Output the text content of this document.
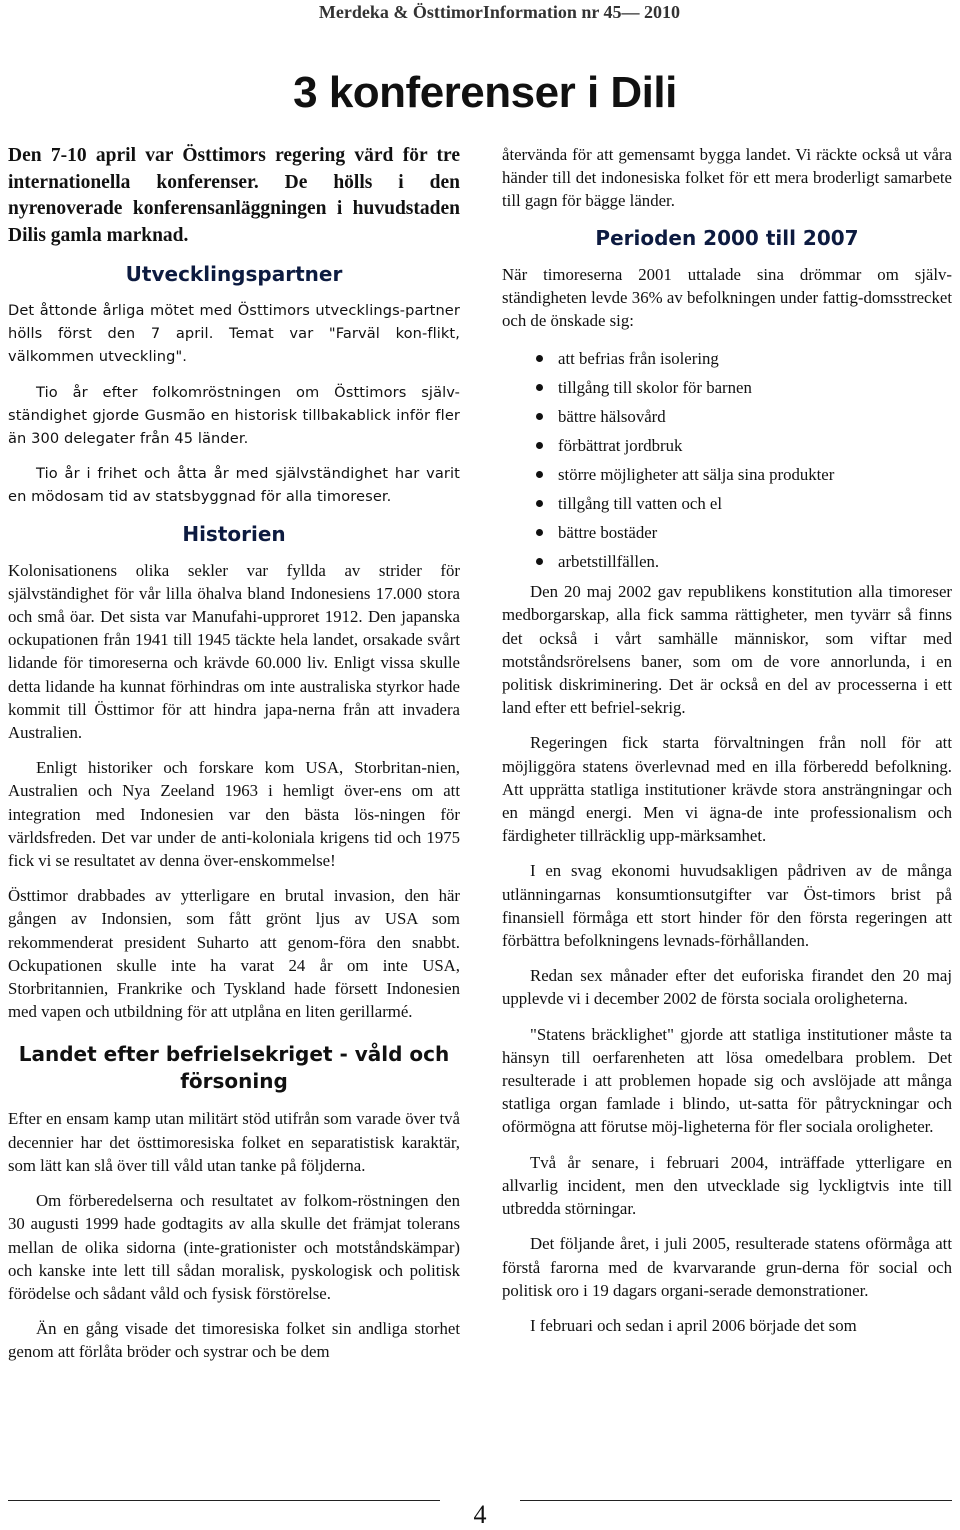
Merdeka & ÖsttimorInformation nr 45— 2010
3 konferenser i Dili

Den 7-10 april var Östtimors regering värd för tre internationella konferenser. De hölls i den nyrenoverade konferensanläggningen i huvudstaden Dilis gamla marknad.

Utvecklingspartner

Det åttonde årliga mötet med Östtimors utvecklings-partner hölls först den 7 april. Temat var "Farväl kon-flikt, välkommen utveckling".

Tio år efter folkomröstningen om Östtimors själv-ständighet gjorde Gusmão en historisk tillbakablick inför fler än 300 delegater från 45 länder.

Tio år i frihet och åtta år med självständighet har varit en mödosam tid av statsbyggnad för alla timoreser.

Historien

Kolonisationens olika sekler var fyllda av strider för självständighet för vår lilla öhalva bland Indonesiens 17.000 stora och små öar. Det sista var Manufahi-upproret 1912. Den japanska ockupationen från 1941 till 1945 täckte hela landet, orsakade svårt lidande för timoreserna och krävde 60.000 liv. Enligt vissa skulle detta lidande ha kunnat förhindras om inte australiska styrkor hade kommit till Östtimor för att hindra japa-nerna från att invadera Australien.

Enligt historiker och forskare kom USA, Storbritan-nien, Australien och Nya Zeeland 1963 i hemligt över-ens om att integration med Indonesien var den bästa lös-ningen för världsfreden. Det var under de anti-koloniala krigens tid och 1975 fick vi se resultatet av denna över-enskommelse!

Östtimor drabbades av ytterligare en brutal invasion, den här gången av Indonsien, som fått grönt ljus av USA som rekommenderat president Suharto att genom-föra den snabbt. Ockupationen skulle inte ha varat 24 år om inte USA, Storbritannien, Frankrike och Tyskland hade försett Indonesien med vapen och utbildning för att utplåna en liten gerillarmé.

Landet efter befrielsekriget - våld och försoning

Efter en ensam kamp utan militärt stöd utifrån som varade över två decennier har det östtimoresiska folket en separatistisk karaktär, som lätt kan slå över till våld utan tanke på följderna.

Om förberedelserna och resultatet av folkom-röstningen den 30 augusti 1999 hade godtagits av alla skulle det främjat tolerans mellan de olika sidorna (inte-grationister och motståndskämpar) och kanske inte lett till sådan moralisk, pyskologisk och politisk förödelse och sådant våld och fysisk förstörelse.

Än en gång visade det timoresiska folket sin andliga storhet genom att förlåta bröder och systrar och be dem

återvända för att gemensamt bygga landet. Vi räckte också ut våra händer till det indonesiska folket för ett mera broderligt samarbete till gagn för bägge länder.

Perioden 2000 till 2007

När timoreserna 2001 uttalade sina drömmar om själv-ständigheten levde 36% av befolkningen under fattig-domsstrecket och de önskade sig:

att befrias från isolering
tillgång till skolor för barnen
bättre hälsovård
förbättrat jordbruk
större möjligheter att sälja sina produkter
tillgång till vatten och el
bättre bostäder
arbetstillfällen.

Den 20 maj 2002 gav republikens konstitution alla timoreser medborgarskap, alla fick samma rättigheter, men tyvärr så finns det också i vårt samhälle människor, som viftar med motståndsrörelsens baner, som om de vore annorlunda, i en politisk diskriminering. Det är också en del av processerna i ett land efter ett befriel-sekrig.

Regeringen fick starta förvaltningen från noll för att möjliggöra statens överlevnad med en illa förberedd befolkning. Att upprätta statliga institutioner krävde stora ansträngningar och en mängd energi. Men vi ägna-de inte professionalism och färdigheter tillräcklig upp-märksamhet.

I en svag ekonomi huvudsakligen pådriven av de många utlänningarnas konsumtionsutgifter var Öst-timors brist på finansiell förmåga ett stort hinder för den första regeringen att förbättra befolkningens levnads-förhållanden.

Redan sex månader efter det euforiska firandet den 20 maj upplevde vi i december 2002 de första sociala oroligheterna.

"Statens bräcklighet" gjorde att statliga institutioner måste ta hänsyn till oerfarenheten att lösa omedelbara problem. Det resulterade i att problemen hopade sig och avslöjade att många statliga organ famlade i blindo, ut-satta för påtryckningar och oförmögna att förutse möj-ligheterna för fler sociala oroligheter.

Två år senare, i februari 2004, inträffade ytterligare en allvarlig incident, men den utvecklade sig lyckligtvis inte till utbredda störningar.

Det följande året, i juli 2005, resulterade statens oförmåga att förstå farorna med de kvarvarande grun-derna för social och politisk oro i 19 dagars organi-serade demonstrationer.

I februari och sedan i april 2006 började det som

4
